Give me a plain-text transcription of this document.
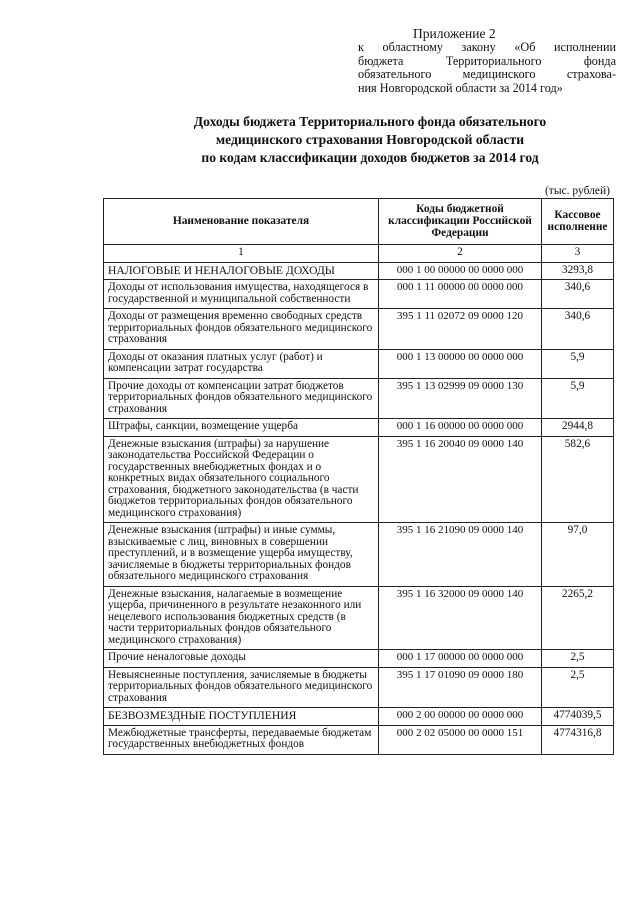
Приложение 2
к областному закону «Об исполнении
бюджета Территориального фонда
обязательного медицинского страхова-
ния Новгородской области за 2014 год»
Доходы бюджета Территориального фонда обязательного
медицинского страхования Новгородской области
по кодам классификации доходов бюджетов за 2014 год
(тыс. рублей)
Наименование показателя	Коды бюджетной классификации Российской Федерации	Кассовое исполнение
1	2	3
НАЛОГОВЫЕ И НЕНАЛОГОВЫЕ ДОХОДЫ	000 1 00 00000 00 0000 000	3293,8
Доходы от использования имущества, находящегося в государственной и муниципальной собственности	000 1 11 00000 00 0000 000	340,6
Доходы от размещения временно свободных средств территориальных фондов обязательного медицинского страхования	395 1 11 02072 09 0000 120	340,6
Доходы от оказания платных услуг (работ) и компенсации затрат государства	000 1 13 00000 00 0000 000	5,9
Прочие доходы от компенсации затрат бюджетов территориальных фондов обязательного медицинского страхования	395 1 13 02999 09 0000 130	5,9
Штрафы, санкции, возмещение ущерба	000 1 16 00000 00 0000 000	2944,8
Денежные взыскания (штрафы) за нарушение законодательства Российской Федерации о государственных внебюджетных фондах и о конкретных видах обязательного социального страхования, бюджетного законодательства (в части бюджетов территориальных фондов обязательного медицинского страхования)	395 1 16 20040 09 0000 140	582,6
Денежные взыскания (штрафы) и иные суммы, взыскиваемые с лиц, виновных в совершении преступлений, и в возмещение ущерба имуществу, зачисляемые в бюджеты территориальных фондов обязательного медицинского страхования	395 1 16 21090 09 0000 140	97,0
Денежные взыскания, налагаемые в возмещение ущерба, причиненного в результате незаконного или нецелевого использования бюджетных средств (в части территориальных фондов обязательного медицинского страхования)	395 1 16 32000 09 0000 140	2265,2
Прочие неналоговые доходы	000 1 17 00000 00 0000 000	2,5
Невыясненные поступления, зачисляемые в бюджеты территориальных фондов обязательного медицинского страхования	395 1 17 01090 09 0000 180	2,5
БЕЗВОЗМЕЗДНЫЕ ПОСТУПЛЕНИЯ	000 2 00 00000 00 0000 000	4774039,5
Межбюджетные трансферты, передаваемые бюджетам государственных внебюджетных фондов	000 2 02 05000 00 0000 151	4774316,8
